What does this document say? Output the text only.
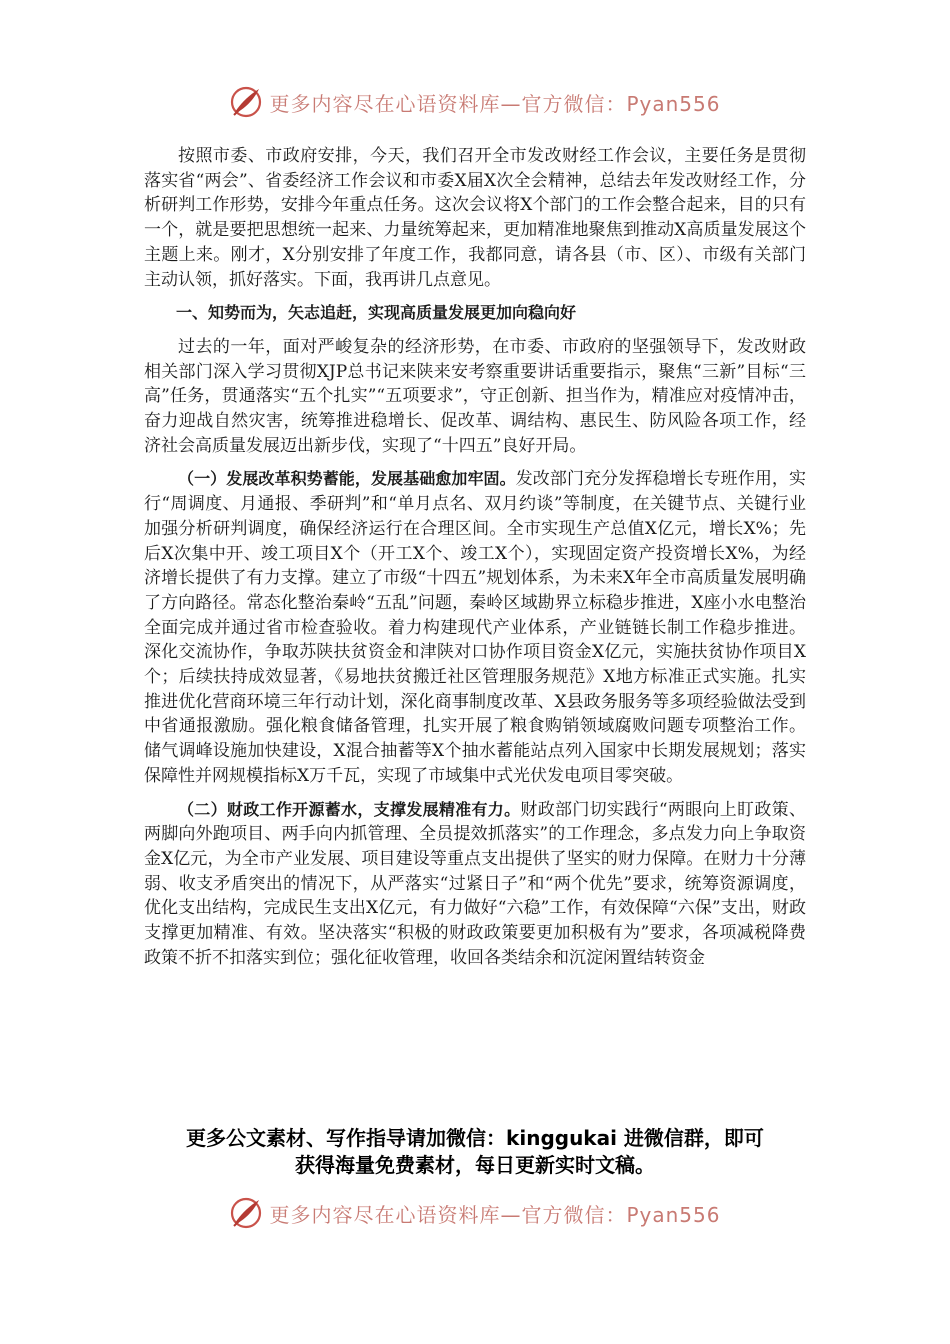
更多内容尽在心语资料库—官方微信：Pyan556

按照市委、市政府安排，今天，我们召开全市发改财经工作会议，主要任务是贯彻落实省“两会”、省委经济工作会议和市委X届X次全会精神，总结去年发改财经工作，分析研判工作形势，安排今年重点任务。这次会议将X个部门的工作会整合起来，目的只有一个，就是要把思想统一起来、力量统筹起来，更加精准地聚焦到推动X高质量发展这个主题上来。刚才，X分别安排了年度工作，我都同意，请各县（市、区）、市级有关部门主动认领，抓好落实。下面，我再讲几点意见。

一、知势而为，矢志追赶，实现高质量发展更加向稳向好

过去的一年，面对严峻复杂的经济形势，在市委、市政府的坚强领导下，发改财政相关部门深入学习贯彻XJP总书记来陕来安考察重要讲话重要指示，聚焦“三新”目标“三高”任务，贯通落实“五个扎实”“五项要求”，守正创新、担当作为，精准应对疫情冲击，奋力迎战自然灾害，统筹推进稳增长、促改革、调结构、惠民生、防风险各项工作，经济社会高质量发展迈出新步伐，实现了“十四五”良好开局。

（一）发展改革积势蓄能，发展基础愈加牢固。发改部门充分发挥稳增长专班作用，实行“周调度、月通报、季研判”和“单月点名、双月约谈”等制度，在关键节点、关键行业加强分析研判调度，确保经济运行在合理区间。全市实现生产总值X亿元，增长X%；先后X次集中开、竣工项目X个（开工X个、竣工X个），实现固定资产投资增长X%，为经济增长提供了有力支撑。建立了市级“十四五”规划体系，为未来X年全市高质量发展明确了方向路径。常态化整治秦岭“五乱”问题，秦岭区域勘界立标稳步推进，X座小水电整治全面完成并通过省市检查验收。着力构建现代产业体系，产业链链长制工作稳步推进。深化交流协作，争取苏陕扶贫资金和津陕对口协作项目资金X亿元，实施扶贫协作项目X个；后续扶持成效显著，《易地扶贫搬迁社区管理服务规范》X地方标准正式实施。扎实推进优化营商环境三年行动计划，深化商事制度改革、X县政务服务等多项经验做法受到中省通报激励。强化粮食储备管理，扎实开展了粮食购销领域腐败问题专项整治工作。储气调峰设施加快建设，X混合抽蓄等X个抽水蓄能站点列入国家中长期发展规划；落实保障性并网规模指标X万千瓦，实现了市域集中式光伏发电项目零突破。

（二）财政工作开源蓄水，支撑发展精准有力。财政部门切实践行“两眼向上盯政策、两脚向外跑项目、两手向内抓管理、全员提效抓落实”的工作理念，多点发力向上争取资金X亿元，为全市产业发展、项目建设等重点支出提供了坚实的财力保障。在财力十分薄弱、收支矛盾突出的情况下，从严落实“过紧日子”和“两个优先”要求，统筹资源调度，优化支出结构，完成民生支出X亿元，有力做好“六稳”工作，有效保障“六保”支出，财政支撑更加精准、有效。坚决落实“积极的财政政策要更加积极有为”要求，各项减税降费政策不折不扣落实到位；强化征收管理，收回各类结余和沉淀闲置结转资金

更多公文素材、写作指导请加微信：kinggukai 进微信群，即可
获得海量免费素材，每日更新实时文稿。
更多内容尽在心语资料库—官方微信：Pyan556
